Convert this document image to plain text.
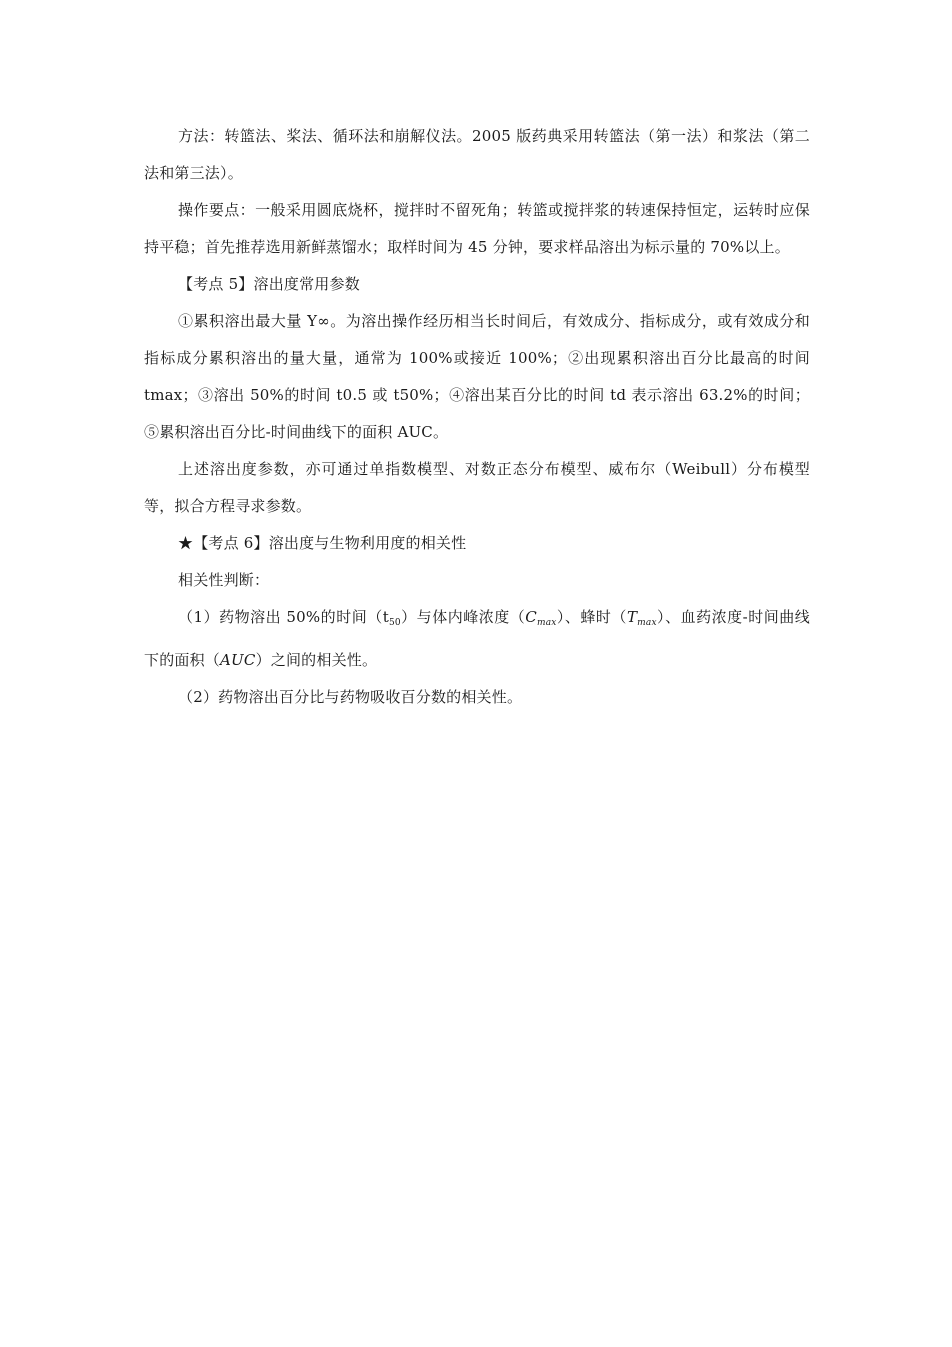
方法：转篮法、桨法、循环法和崩解仪法。2005 版药典采用转篮法（第一法）和浆法（第二法和第三法）。

操作要点：一般采用圆底烧杯，搅拌时不留死角；转篮或搅拌浆的转速保持恒定，运转时应保持平稳；首先推荐选用新鲜蒸馏水；取样时间为 45 分钟，要求样品溶出为标示量的 70%以上。

【考点 5】溶出度常用参数

①累积溶出最大量 Y∞。为溶出操作经历相当长时间后，有效成分、指标成分，或有效成分和指标成分累积溶出的量大量，通常为 100%或接近 100%；②出现累积溶出百分比最高的时间 tmax；③溶出 50%的时间 t0.5 或 t50%；④溶出某百分比的时间 td 表示溶出 63.2%的时间；⑤累积溶出百分比-时间曲线下的面积 AUC。

上述溶出度参数，亦可通过单指数模型、对数正态分布模型、威布尔（Weibull）分布模型等，拟合方程寻求参数。

★【考点 6】溶出度与生物利用度的相关性

相关性判断：

（1）药物溶出 50%的时间$(t_{50})$与体内峰浓度$(C_{max})$、蜂时$(T_{max})$、血药浓度-时间曲线下的面积（AUC）之间的相关性。

（2）药物溶出百分比与药物吸收百分数的相关性。
